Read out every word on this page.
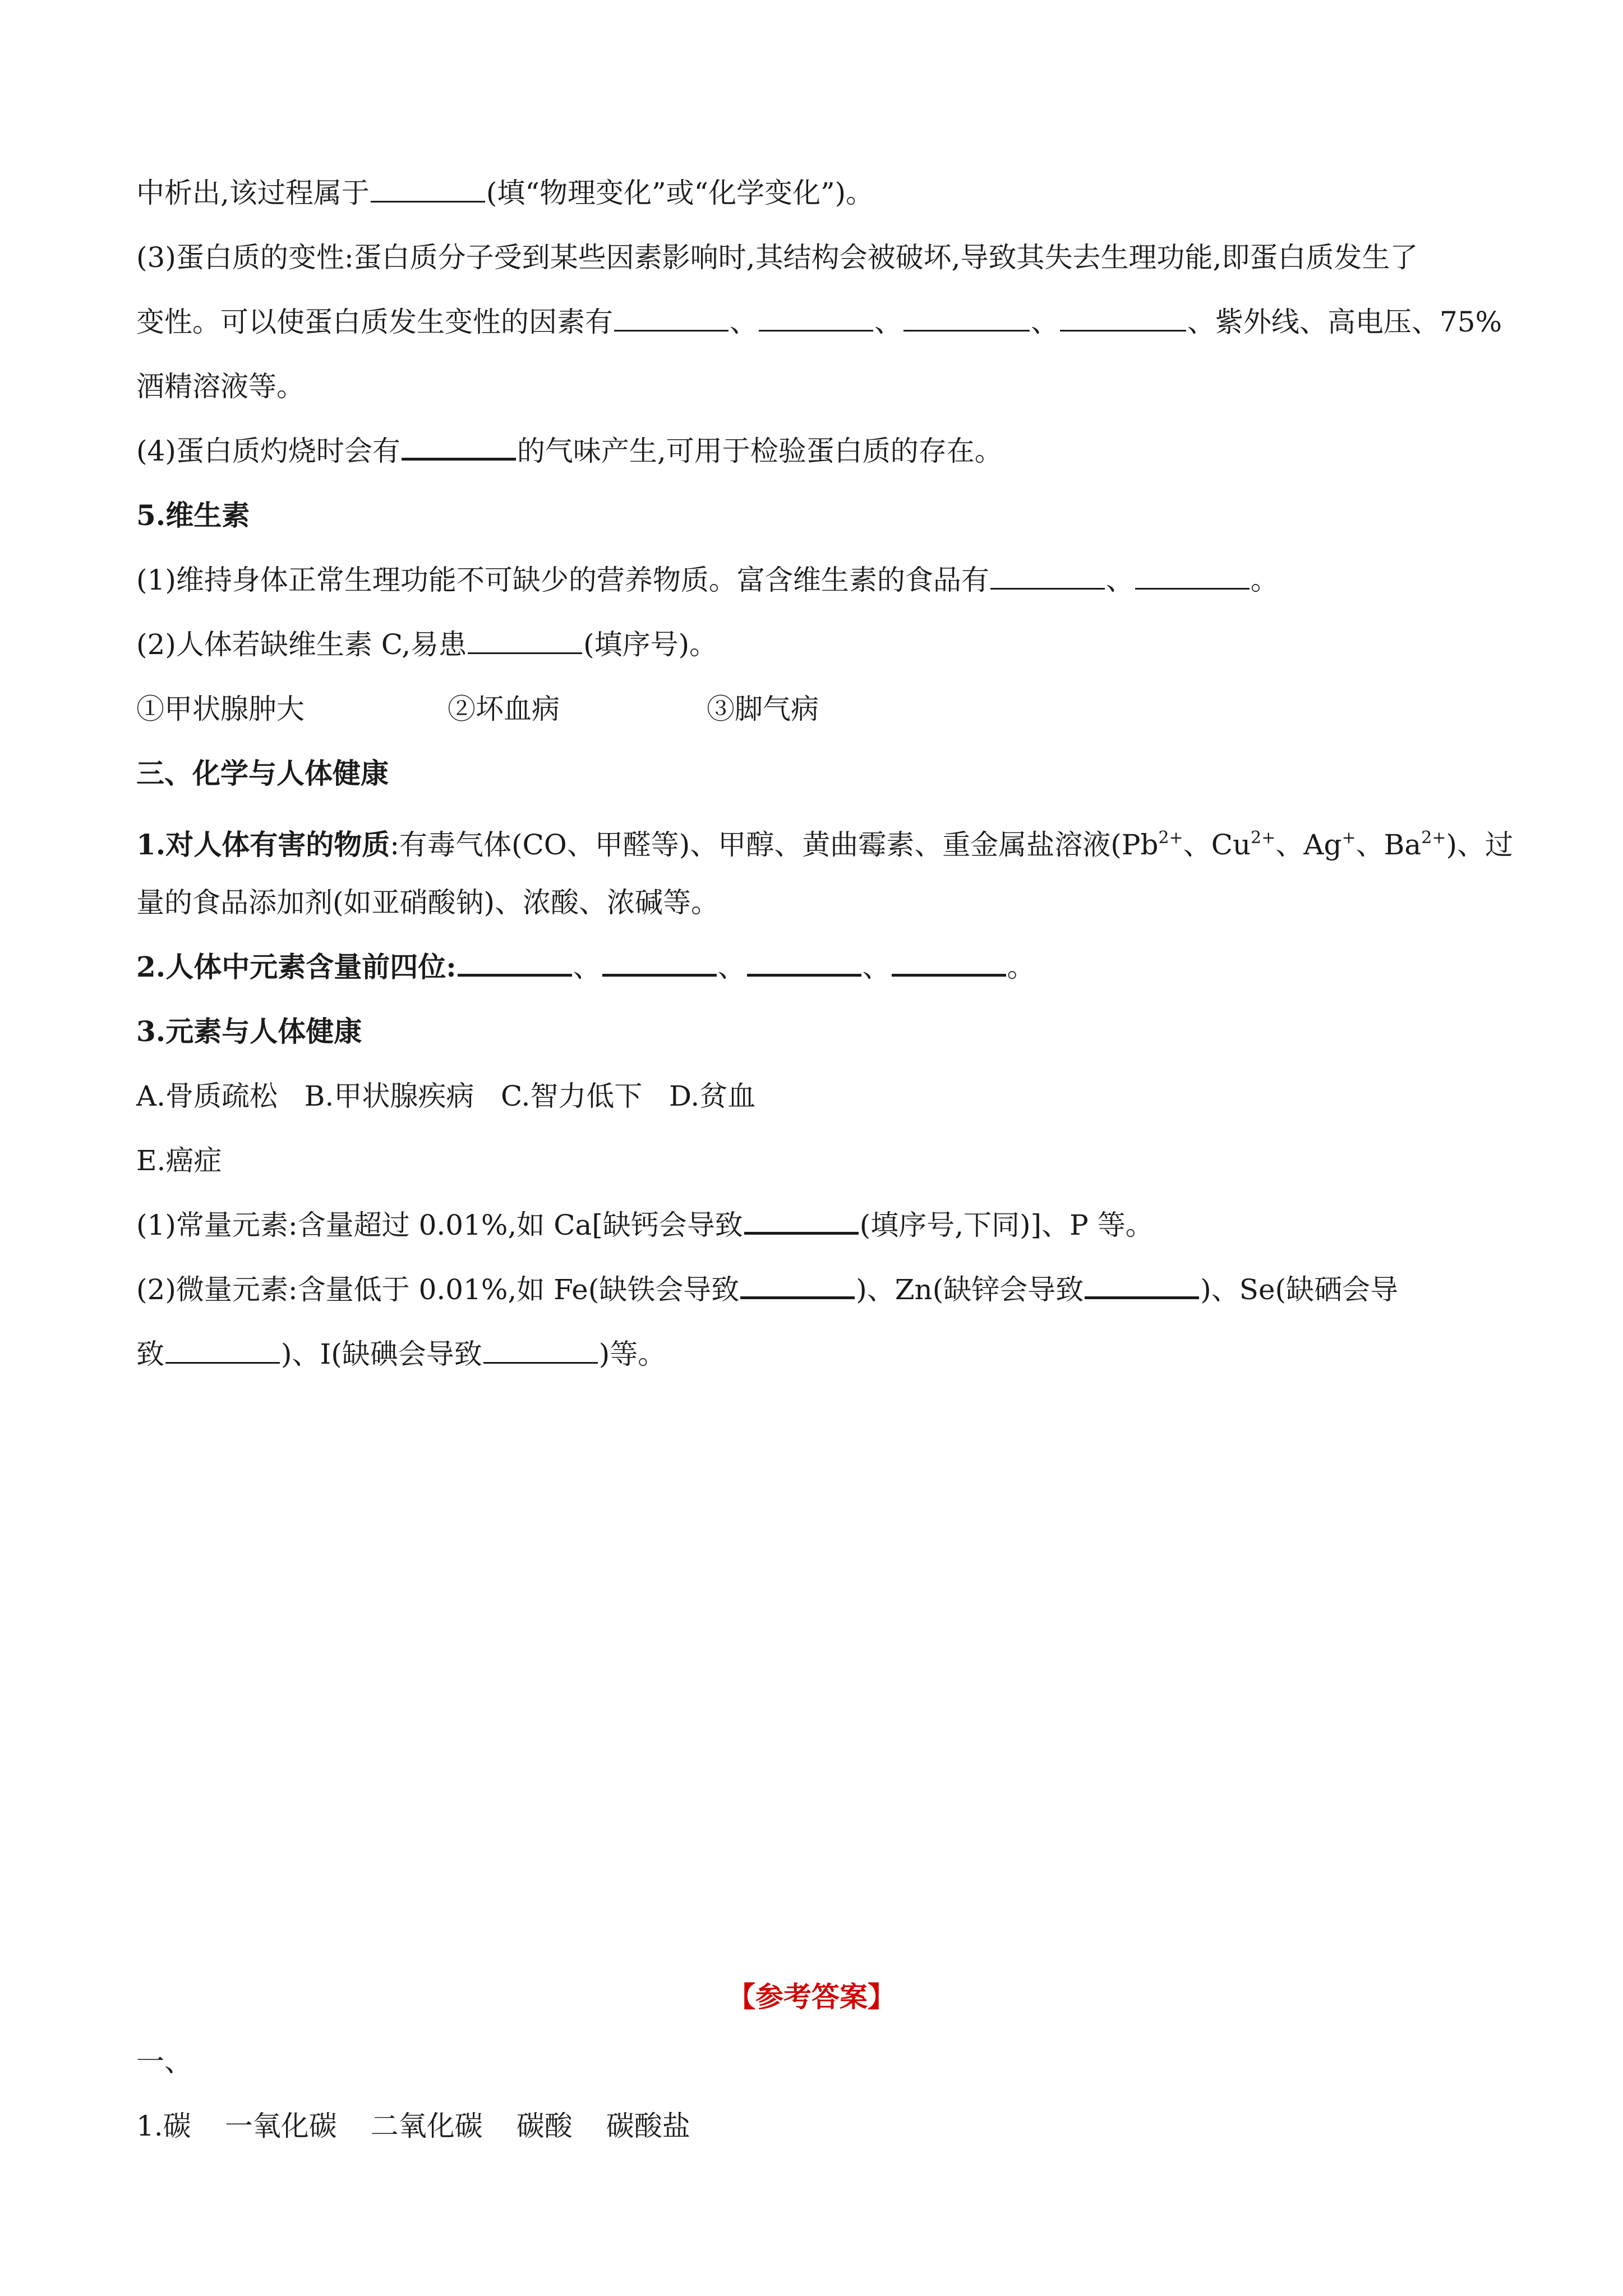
中析出,该过程属于	(填“物理变化”或“化学变化”)。
(3)蛋白质的变性:蛋白质分子受到某些因素影响时,其结构会被破坏,导致其失去生理功能,即蛋白质发生了
变性。可以使蛋白质发生变性的因素有	、	、	、	、紫外线、高电压、75%
酒精溶液等。
(4)蛋白质灼烧时会有	的气味产生,可用于检验蛋白质的存在。
5.维生素
(1)维持身体正常生理功能不可缺少的营养物质。富含维生素的食品有	、	。
(2)人体若缺维生素 C,易患	(填序号)。
①甲状腺肿大	②坏血病	③脚气病
三、化学与人体健康
1.对人体有害的物质:有毒气体(CO、甲醛等)、甲醇、黄曲霉素、重金属盐溶液($Pb^{2+}$、$Cu^{2+}$、Ag+、$Ba^{2+}$)、过
量的食品添加剂(如亚硝酸钠)、浓酸、浓碱等。
2.人体中元素含量前四位:	、	、	、	。
3.元素与人体健康
A.骨质疏松   B.甲状腺疾病   C.智力低下   D.贫血
E.癌症
(1)常量元素:含量超过 0.01%,如 Ca[缺钙会导致	(填序号,下同)]、P 等。
(2)微量元素:含量低于 0.01%,如 Fe(缺铁会导致	)、Zn(缺锌会导致	)、Se(缺硒会导
致	)、I(缺碘会导致	)等。
【参考答案】
一、
1.碳 一氧化碳 二氧化碳 碳酸 碳酸盐
